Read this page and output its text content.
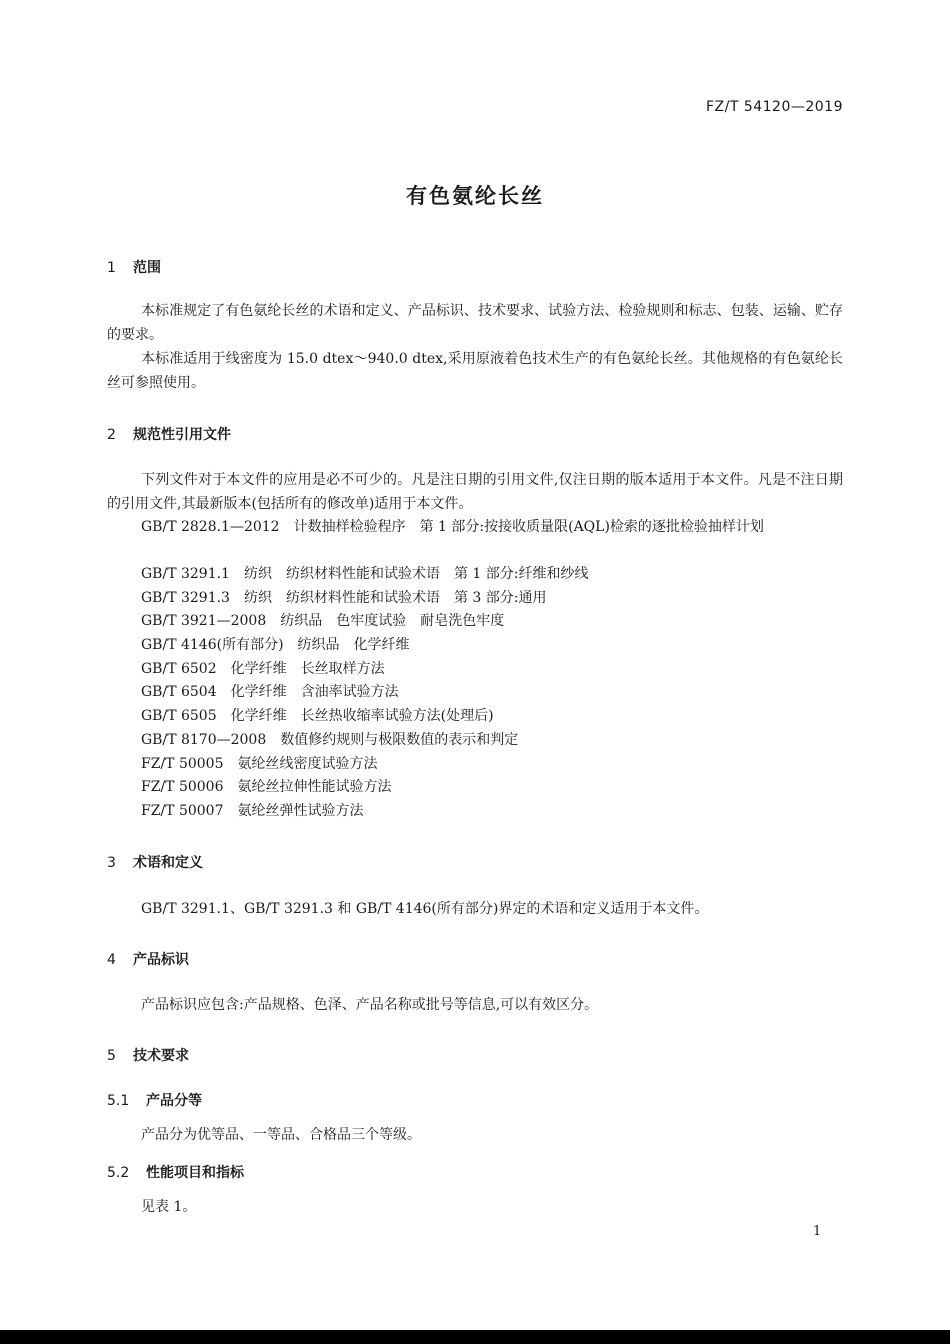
FZ/T 54120—2019
有色氨纶长丝
1 范围

本标准规定了有色氨纶长丝的术语和定义、产品标识、技术要求、试验方法、检验规则和标志、包装、运输、贮存的要求。

本标准适用于线密度为 15.0 dtex～940.0 dtex,采用原液着色技术生产的有色氨纶长丝。其他规格的有色氨纶长丝可参照使用。

2 规范性引用文件

下列文件对于本文件的应用是必不可少的。凡是注日期的引用文件,仅注日期的版本适用于本文件。凡是不注日期的引用文件,其最新版本(包括所有的修改单)适用于本文件。

GB/T 2828.1—2012　计数抽样检验程序　第 1 部分:按接收质量限(AQL)检索的逐批检验抽样计划

GB/T 3291.1　纺织　纺织材料性能和试验术语　第 1 部分:纤维和纱线
GB/T 3291.3　纺织　纺织材料性能和试验术语　第 3 部分:通用
GB/T 3921—2008　纺织品　色牢度试验　耐皂洗色牢度
GB/T 4146(所有部分)　纺织品　化学纤维
GB/T 6502　化学纤维　长丝取样方法
GB/T 6504　化学纤维　含油率试验方法
GB/T 6505　化学纤维　长丝热收缩率试验方法(处理后)
GB/T 8170—2008　数值修约规则与极限数值的表示和判定
FZ/T 50005　氨纶丝线密度试验方法
FZ/T 50006　氨纶丝拉伸性能试验方法
FZ/T 50007　氨纶丝弹性试验方法
3 术语和定义

GB/T 3291.1、GB/T 3291.3 和 GB/T 4146(所有部分)界定的术语和定义适用于本文件。

4 产品标识

产品标识应包含:产品规格、色泽、产品名称或批号等信息,可以有效区分。

5 技术要求
5.1 产品分等

产品分为优等品、一等品、合格品三个等级。

5.2 性能项目和指标

见表 1。

1
